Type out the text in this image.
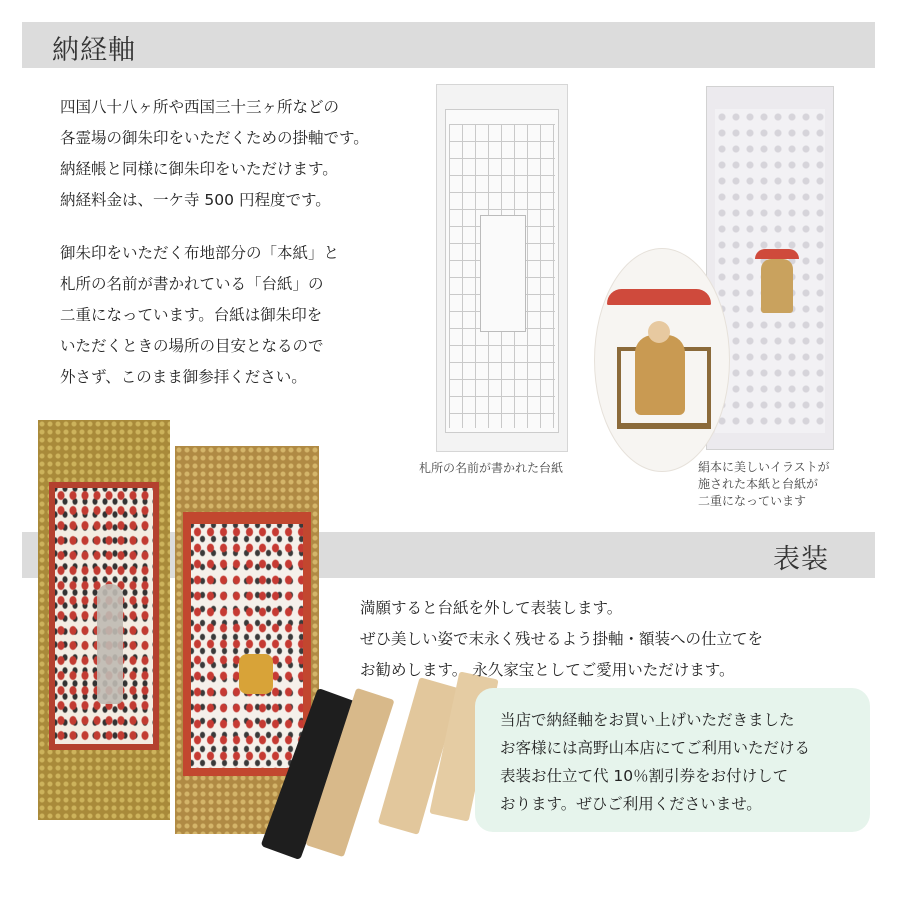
納経軸
四国八十八ヶ所や西国三十三ヶ所などの
各霊場の御朱印をいただくための掛軸です。
納経帳と同様に御朱印をいただけます。
納経料金は、一ケ寺 500 円程度です。
御朱印をいただく布地部分の「本紙」と
札所の名前が書かれている「台紙」の
二重になっています。台紙は御朱印を
いただくときの場所の目安となるので
外さず、このまま御参拝ください。
札所の名前が書かれた台紙	絹本に美しいイラストが
施された本紙と台紙が
二重になっています
表装
満願すると台紙を外して表装します。
ぜひ美しい姿で末永く残せるよう掛軸・額装への仕立てを
お勧めします。 永久家宝としてご愛用いただけます。
当店で納経軸をお買い上げいただきました
お客様には高野山本店にてご利用いただける
表装お仕立て代 10％割引券をお付けして
おります。ぜひご利用くださいませ。
